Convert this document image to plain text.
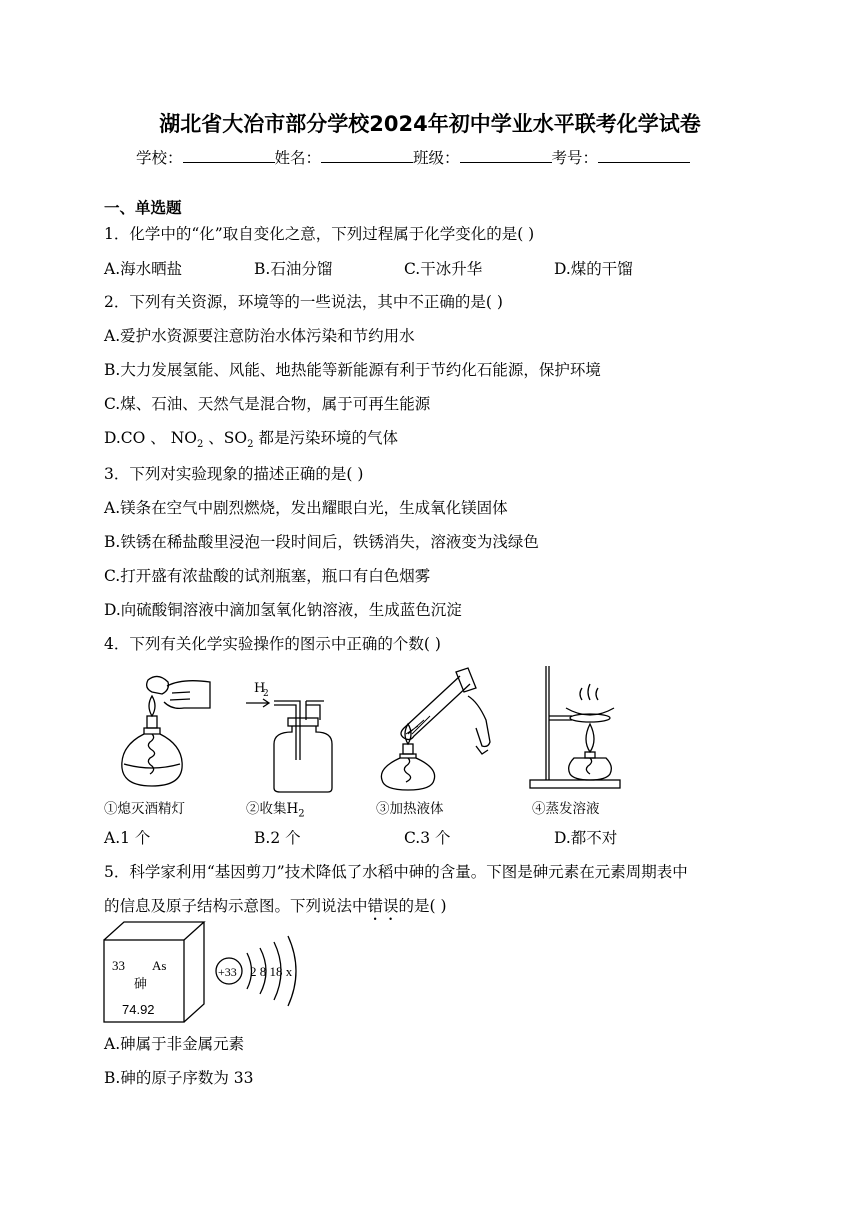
湖北省大冶市部分学校2024年初中学业水平联考化学试卷
学校：	姓名：	班级：	考号：
一、单选题
1．化学中的“化”取自变化之意，下列过程属于化学变化的是( )
A.海水晒盐	B.石油分馏	C.干冰升华	D.煤的干馏
2．下列有关资源，环境等的一些说法，其中不正确的是( )
A.爱护水资源要注意防治水体污染和节约用水
B.大力发展氢能、风能、地热能等新能源有利于节约化石能源，保护环境
C.煤、石油、天然气是混合物，属于可再生能源
D.CO 、 $NO_2$ 、$SO_2$ 都是污染环境的气体
3．下列对实验现象的描述正确的是( )
A.镁条在空气中剧烈燃烧，发出耀眼白光，生成氧化镁固体
B.铁锈在稀盐酸里浸泡一段时间后，铁锈消失，溶液变为浅绿色
C.打开盛有浓盐酸的试剂瓶塞，瓶口有白色烟雾
D.向硫酸铜溶液中滴加氢氧化钠溶液，生成蓝色沉淀
4．下列有关化学实验操作的图示中正确的个数( )
H
2
①熄灭酒精灯	②收集$H_2$	③加热液体	④蒸发溶液
A.1 个	B.2 个	C.3 个	D.都不对
5．科学家利用“基因剪刀”技术降低了水稻中砷的含量。下图是砷元素在元素周期表中
的信息及原子结构示意图。下列说法中错误的是( )
33 As
砷
74.92
+33 2 8 18 x
A.砷属于非金属元素
B.砷的原子序数为 33
